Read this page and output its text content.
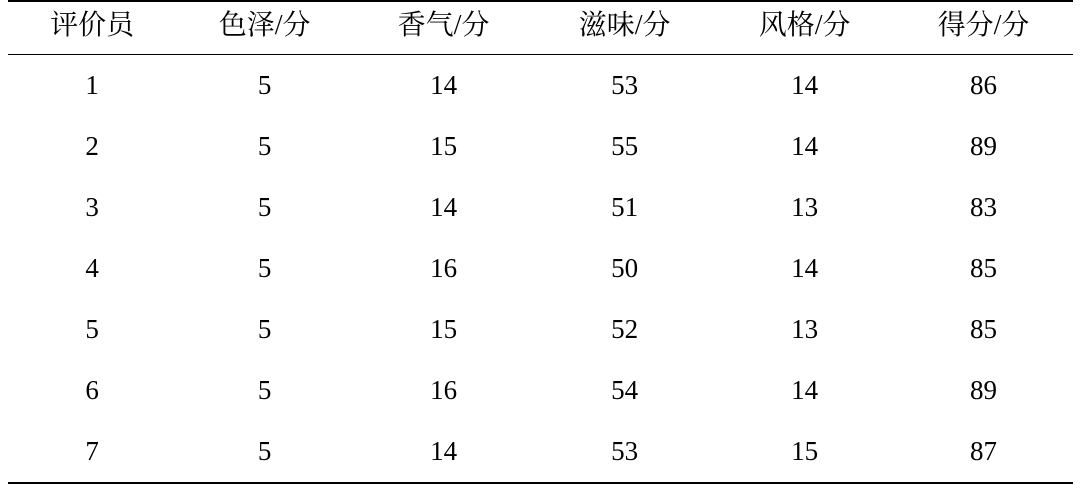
评价员	色泽/分	香气/分	滋味/分	风格/分	得分/分
1	5	14	53	14	86
2	5	15	55	14	89
3	5	14	51	13	83
4	5	16	50	14	85
5	5	15	52	13	85
6	5	16	54	14	89
7	5	14	53	15	87
